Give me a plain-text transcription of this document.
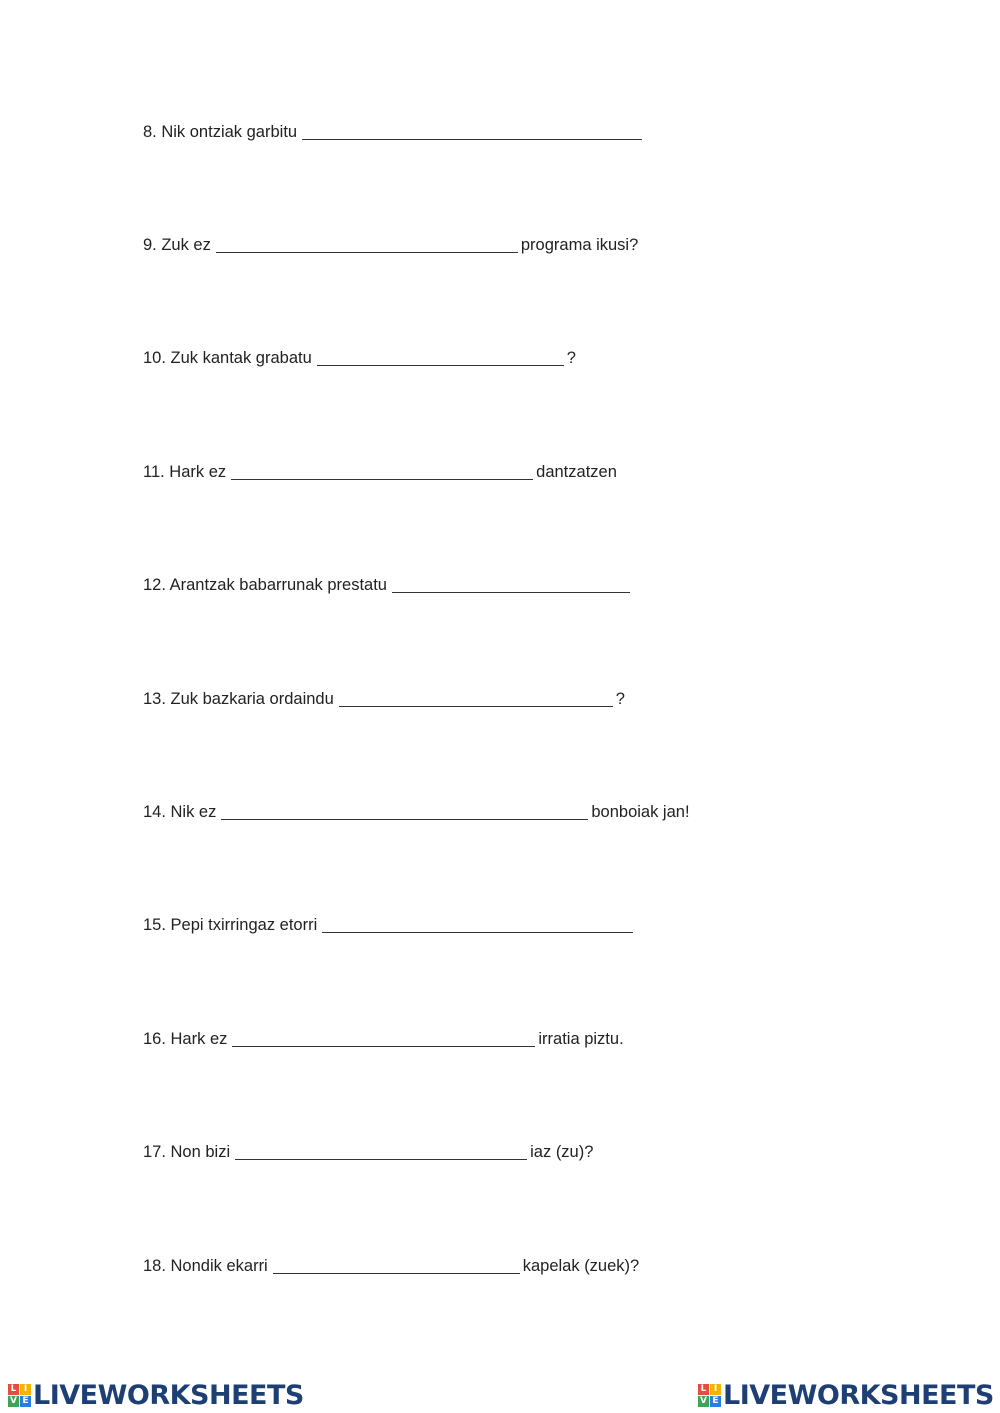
8. Nik ontziak garbitu
9. Zuk ez	programa ikusi?
10. Zuk kantak grabatu	?
11. Hark ez	dantzatzen
12. Arantzak babarrunak prestatu
13. Zuk bazkaria ordaindu	?
14. Nik ez	bonboiak jan!
15. Pepi txirringaz etorri
16. Hark ez	irratia piztu.
17. Non bizi	iaz (zu)?
18. Nondik ekarri	kapelak (zuek)?
L I
V E LIVEWORKSHEETS	L I
V E LIVEWORKSHEETS
